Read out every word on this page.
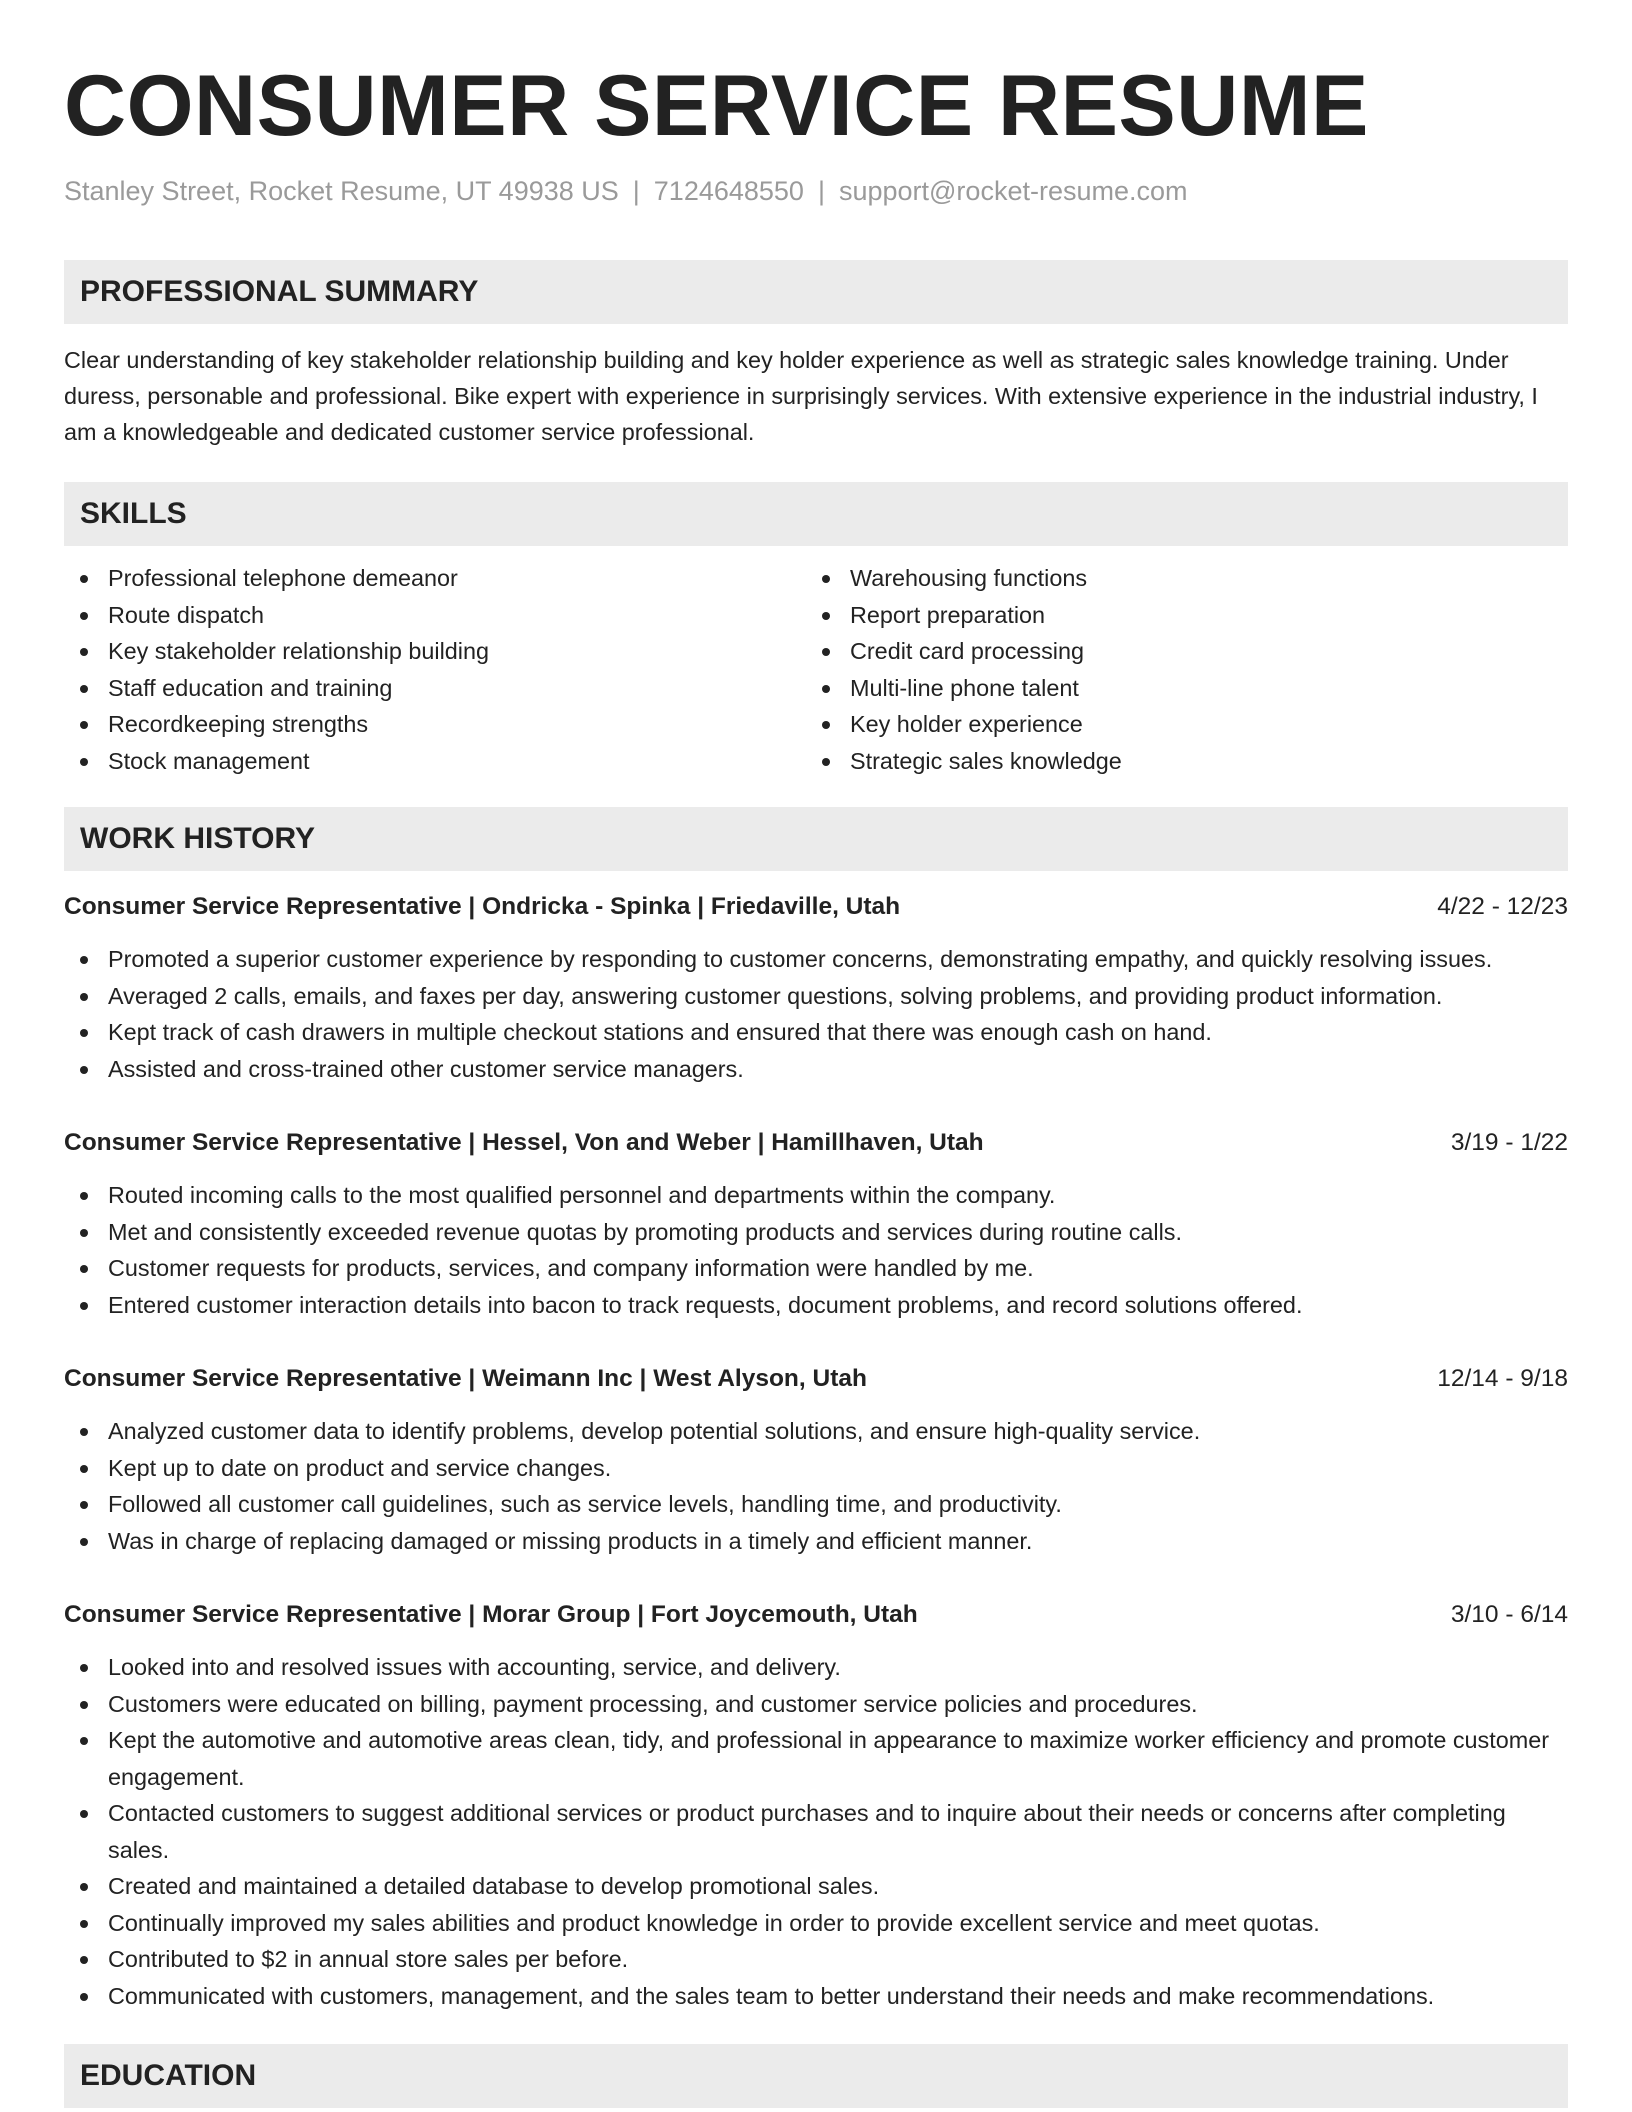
CONSUMER SERVICE RESUME
Stanley Street, Rocket Resume, UT 49938 US | 7124648550 | support@rocket-resume.com
PROFESSIONAL SUMMARY
Clear understanding of key stakeholder relationship building and key holder experience as well as strategic sales knowledge training. Under duress, personable and professional. Bike expert with experience in surprisingly services. With extensive experience in the industrial industry, I am a knowledgeable and dedicated customer service professional.
SKILLS
Professional telephone demeanor
Route dispatch
Key stakeholder relationship building
Staff education and training
Recordkeeping strengths
Stock management
Warehousing functions
Report preparation
Credit card processing
Multi-line phone talent
Key holder experience
Strategic sales knowledge
WORK HISTORY
Consumer Service Representative | Ondricka - Spinka | Friedaville, Utah	4/22 - 12/23
Promoted a superior customer experience by responding to customer concerns, demonstrating empathy, and quickly resolving issues.
Averaged 2 calls, emails, and faxes per day, answering customer questions, solving problems, and providing product information.
Kept track of cash drawers in multiple checkout stations and ensured that there was enough cash on hand.
Assisted and cross-trained other customer service managers.
Consumer Service Representative | Hessel, Von and Weber | Hamillhaven, Utah	3/19 - 1/22
Routed incoming calls to the most qualified personnel and departments within the company.
Met and consistently exceeded revenue quotas by promoting products and services during routine calls.
Customer requests for products, services, and company information were handled by me.
Entered customer interaction details into bacon to track requests, document problems, and record solutions offered.
Consumer Service Representative | Weimann Inc | West Alyson, Utah	12/14 - 9/18
Analyzed customer data to identify problems, develop potential solutions, and ensure high-quality service.
Kept up to date on product and service changes.
Followed all customer call guidelines, such as service levels, handling time, and productivity.
Was in charge of replacing damaged or missing products in a timely and efficient manner.
Consumer Service Representative | Morar Group | Fort Joycemouth, Utah	3/10 - 6/14
Looked into and resolved issues with accounting, service, and delivery.
Customers were educated on billing, payment processing, and customer service policies and procedures.
Kept the automotive and automotive areas clean, tidy, and professional in appearance to maximize worker efficiency and promote customer engagement.
Contacted customers to suggest additional services or product purchases and to inquire about their needs or concerns after completing sales.
Created and maintained a detailed database to develop promotional sales.
Continually improved my sales abilities and product knowledge in order to provide excellent service and meet quotas.
Contributed to $2 in annual store sales per before.
Communicated with customers, management, and the sales team to better understand their needs and make recommendations.
EDUCATION
